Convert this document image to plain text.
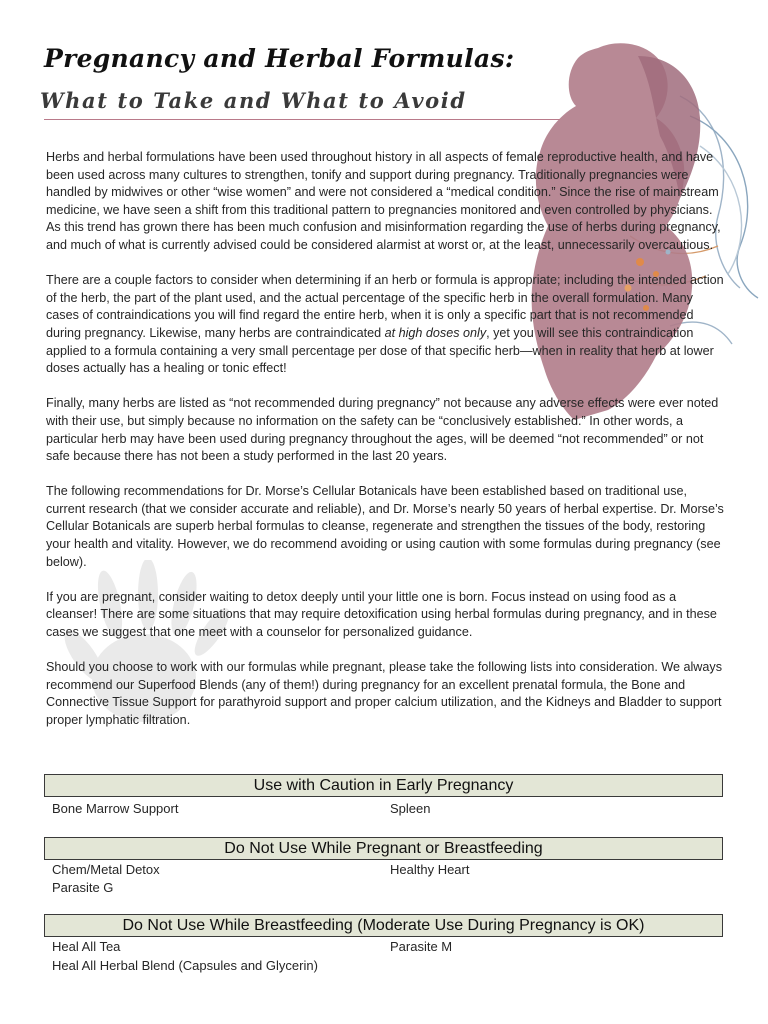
Pregnancy and Herbal Formulas:
What to Take and What to Avoid

Herbs and herbal formulations have been used throughout history in all aspects of female reproductive health, and have been used across many cultures to strengthen, tonify and support during pregnancy. Traditionally pregnancies were handled by midwives or other “wise women” and were not considered a “medical condition.” Since the rise of mainstream medicine, we have seen a shift from this traditional pattern to pregnancies monitored and even controlled by physicians. As this trend has grown there has been much confusion and misinformation regarding the use of herbs during pregnancy, and much of what is currently advised could be considered alarmist at worst or, at the least, unnecessarily overcautious.

There are a couple factors to consider when determining if an herb or formula is appropriate; including the intended action of the herb, the part of the plant used, and the actual percentage of the specific herb in the overall formulation. Many cases of contraindications you will find regard the entire herb, when it is only a specific part that is not recommended during pregnancy. Likewise, many herbs are contraindicated at high doses only, yet you will see this contraindication applied to a formula containing a very small percentage per dose of that specific herb—when in reality that herb at lower doses actually has a healing or tonic effect!

Finally, many herbs are listed as “not recommended during pregnancy” not because any adverse effects were ever noted with their use, but simply because no information on the safety can be “conclusively established.” In other words, a particular herb may have been used during pregnancy throughout the ages, will be deemed “not recommended” or not safe because there has not been a study performed in the last 20 years.

The following recommendations for Dr. Morse’s Cellular Botanicals have been established based on traditional use, current research (that we consider accurate and reliable), and Dr. Morse’s nearly 50 years of herbal expertise. Dr. Morse’s Cellular Botanicals are superb herbal formulas to cleanse, regenerate and strengthen the tissues of the body, restoring your health and vitality. However, we do recommend avoiding or using caution with some formulas during pregnancy (see below).

If you are pregnant, consider waiting to detox deeply until your little one is born. Focus instead on using food as a cleanser! There are some situations that may require detoxification using herbal formulas during pregnancy, and in these cases we suggest that one meet with a counselor for personalized guidance.

Should you choose to work with our formulas while pregnant, please take the following lists into consideration. We always recommend our Superfood Blends (any of them!) during pregnancy for an excellent prenatal formula, the Bone and Connective Tissue Support for parathyroid support and proper calcium utilization, and the Kidneys and Bladder to support proper lymphatic filtration.

Use with Caution in Early Pregnancy
Bone Marrow Support	Spleen
Do Not Use While Pregnant or Breastfeeding
Chem/Metal Detox
Parasite G
Healthy Heart
Do Not Use While Breastfeeding (Moderate Use During Pregnancy is OK)
Heal All Tea
Heal All Herbal Blend (Capsules and Glycerin)
Parasite M
